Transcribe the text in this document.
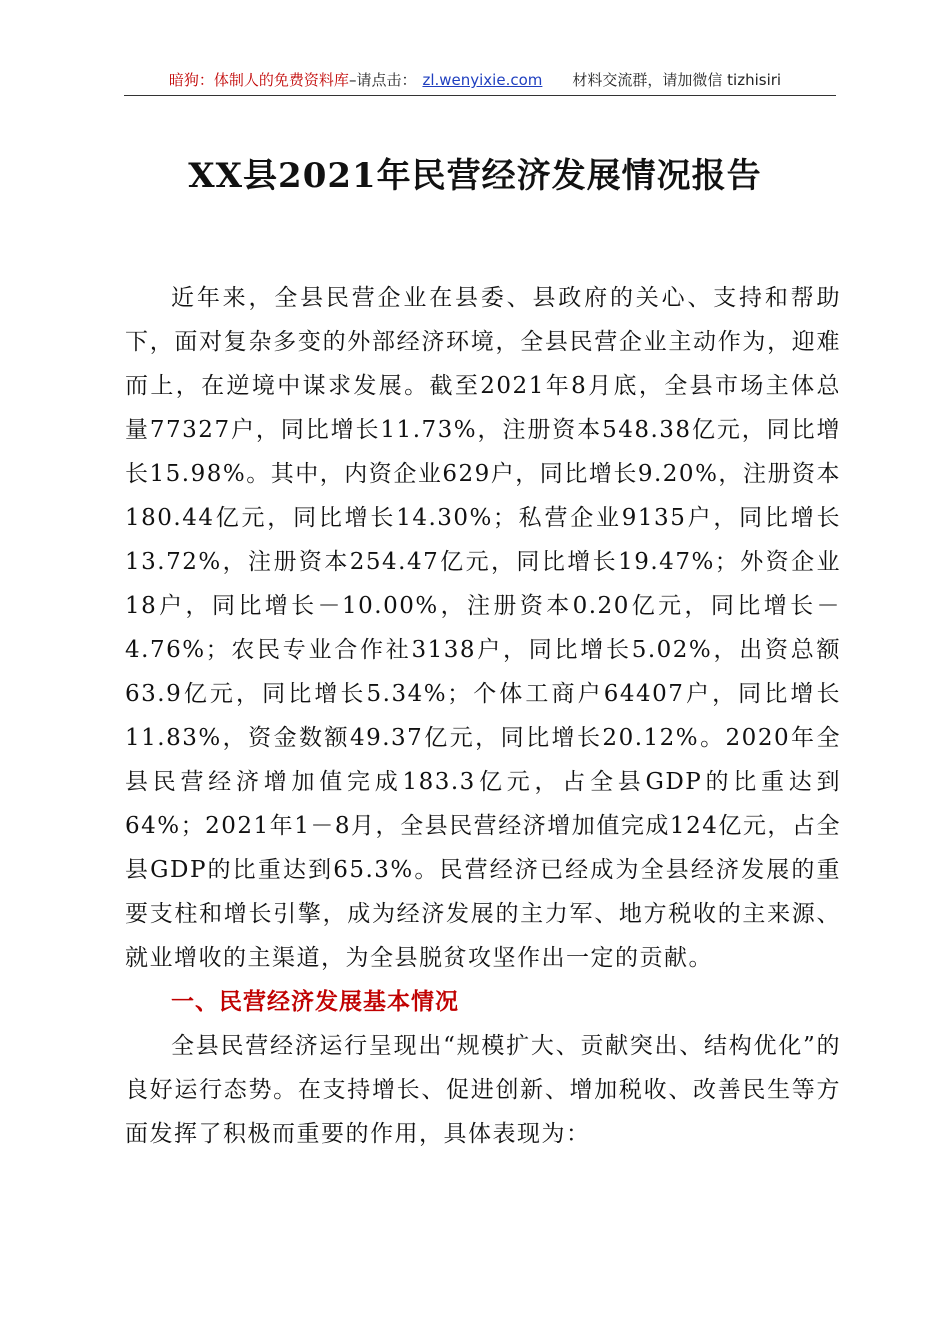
暗狗：体制人的免费资料库–请点击： zl.wenyixie.com 材料交流群，请加微信 tizhisiri
XX县2021年民营经济发展情况报告

近年来，全县民营企业在县委、县政府的关心、支持和帮助下，面对复杂多变的外部经济环境，全县民营企业主动作为，迎难而上，在逆境中谋求发展。截至2021年8月底，全县市场主体总量77327户，同比增长11.73%，注册资本548.38亿元，同比增长15.98%。其中，内资企业629户，同比增长9.20%，注册资本180.44亿元，同比增长14.30%；私营企业9135户，同比增长13.72%，注册资本254.47亿元，同比增长19.47%；外资企业18户，同比增长－10.00%，注册资本0.20亿元，同比增长－4.76%；农民专业合作社3138户，同比增长5.02%，出资总额63.9亿元，同比增长5.34%；个体工商户64407户，同比增长11.83%，资金数额49.37亿元，同比增长20.12%。2020年全县民营经济增加值完成183.3亿元，占全县GDP的比重达到64%；2021年1－8月，全县民营经济增加值完成124亿元，占全县GDP的比重达到65.3%。民营经济已经成为全县经济发展的重要支柱和增长引擎，成为经济发展的主力军、地方税收的主来源、就业增收的主渠道，为全县脱贫攻坚作出一定的贡献。

一、民营经济发展基本情况

全县民营经济运行呈现出“规模扩大、贡献突出、结构优化”的良好运行态势。在支持增长、促进创新、增加税收、改善民生等方面发挥了积极而重要的作用，具体表现为：
